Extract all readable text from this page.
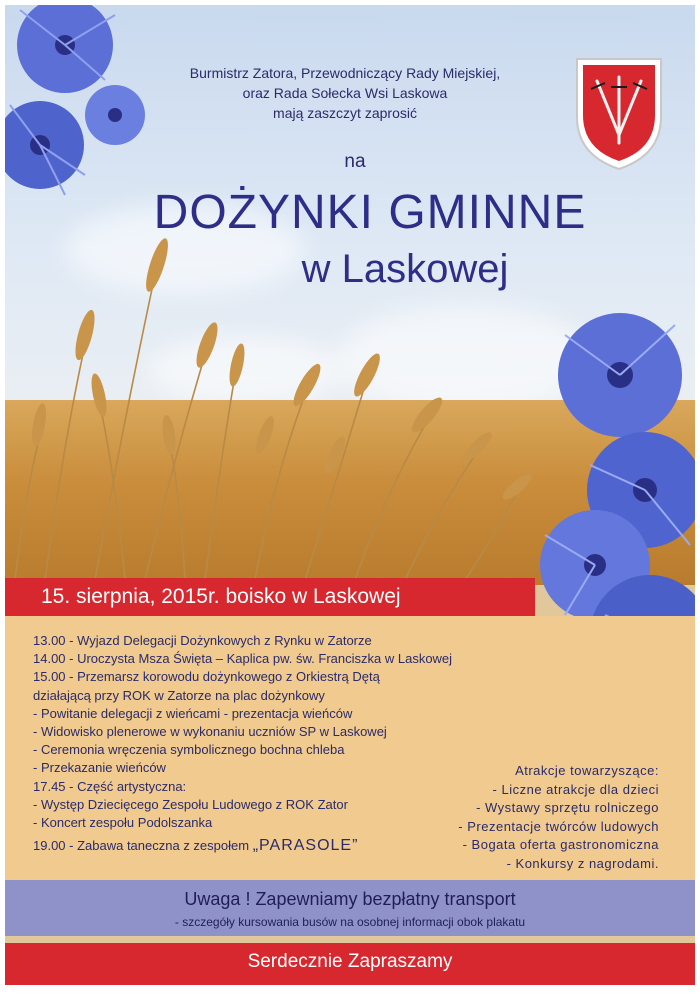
Burmistrz Zatora, Przewodniczący Rady Miejskiej,
oraz Rada Sołecka Wsi Laskowa
mają zaszczyt zaprosić
na
DOŻYNKI GMINNE
w Laskowej
15. sierpnia, 2015r. boisko w Laskowej
13.00 - Wyjazd Delegacji Dożynkowych z Rynku w Zatorze
14.00 - Uroczysta Msza Święta – Kaplica pw. św. Franciszka w Laskowej
15.00 - Przemarsz korowodu dożynkowego z Orkiestrą Dętą
działającą przy ROK w Zatorze na plac dożynkowy
- Powitanie delegacji z wieńcami - prezentacja wieńców
- Widowisko plenerowe w wykonaniu uczniów SP w Laskowej
- Ceremonia wręczenia symbolicznego bochna chleba
- Przekazanie wieńców
17.45 - Część artystyczna:
- Występ Dziecięcego Zespołu Ludowego z ROK Zator
- Koncert zespołu Podolszanka
19.00 - Zabawa taneczna z zespołem „PARASOLE”
Atrakcje towarzyszące:
- Liczne atrakcje dla dzieci
- Wystawy sprzętu rolniczego
- Prezentacje twórców ludowych
- Bogata oferta gastronomiczna
- Konkursy z nagrodami.
Uwaga ! Zapewniamy bezpłatny transport
- szczegóły kursowania busów na osobnej informacji obok plakatu
Serdecznie Zapraszamy
